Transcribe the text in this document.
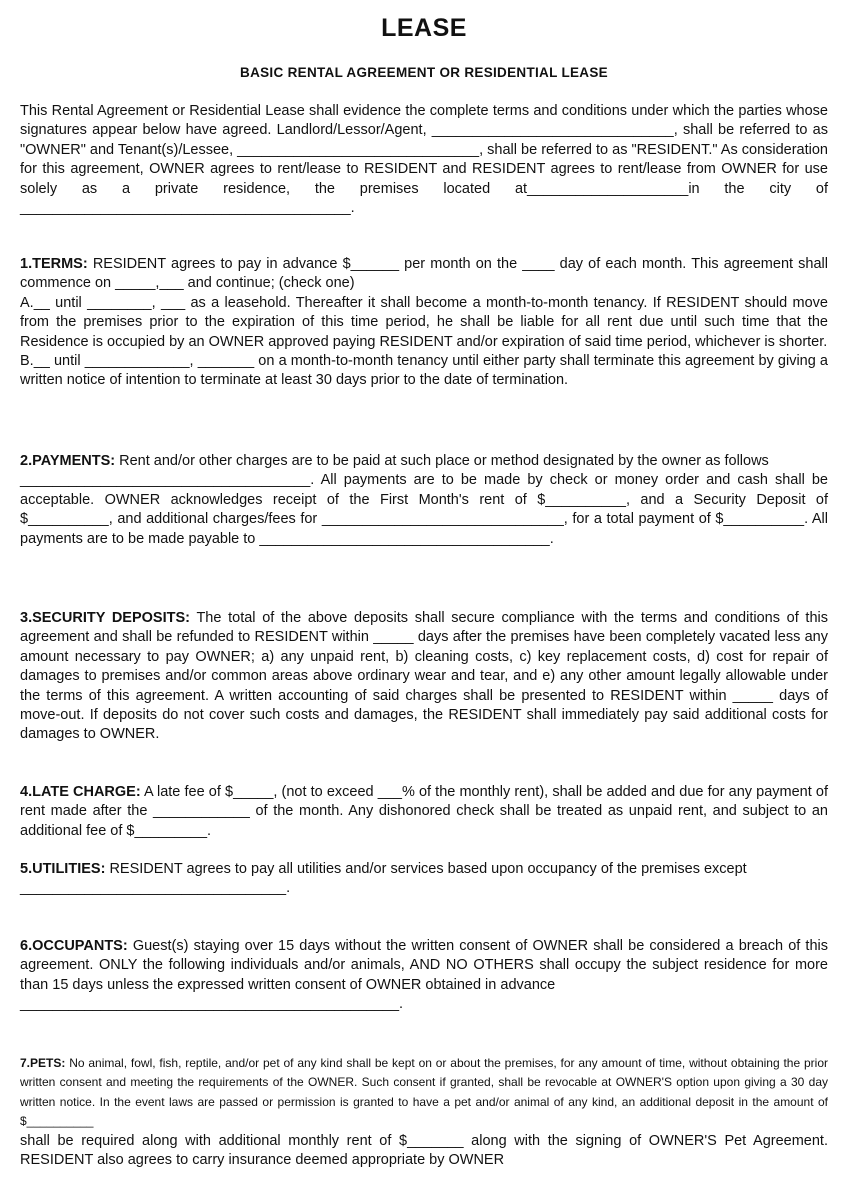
LEASE
BASIC RENTAL AGREEMENT OR RESIDENTIAL LEASE

This Rental Agreement or Residential Lease shall evidence the complete terms and conditions under which the parties whose signatures appear below have agreed. Landlord/Lessor/Agent, ______________________________, shall be referred to as "OWNER" and Tenant(s)/Lessee, ______________________________, shall be referred to as "RESIDENT." As consideration for this agreement, OWNER agrees to rent/lease to RESIDENT and RESIDENT agrees to rent/lease from OWNER for use solely as a private residence, the premises located at____________________in the city of _________________________________________.

1.TERMS: RESIDENT agrees to pay in advance $______ per month on the ____ day of each month. This agreement shall commence on _____,___ and continue; (check one)

A.__ until ________, ___ as a leasehold. Thereafter it shall become a month-to-month tenancy. If RESIDENT should move from the premises prior to the expiration of this time period, he shall be liable for all rent due until such time that the Residence is occupied by an OWNER approved paying RESIDENT and/or expiration of said time period, whichever is shorter.

B.__ until _____________, _______ on a month-to-month tenancy until either party shall terminate this agreement by giving a written notice of intention to terminate at least 30 days prior to the date of termination.

2.PAYMENTS: Rent and/or other charges are to be paid at such place or method designated by the owner as follows

____________________________________. All payments are to be made by check or money order and cash shall be acceptable. OWNER acknowledges receipt of the First Month's rent of $__________, and a Security Deposit of $__________, and additional charges/fees for ______________________________, for a total payment of $__________. All payments are to be made payable to ____________________________________.

3.SECURITY DEPOSITS: The total of the above deposits shall secure compliance with the terms and conditions of this agreement and shall be refunded to RESIDENT within _____ days after the premises have been completely vacated less any amount necessary to pay OWNER; a) any unpaid rent, b) cleaning costs, c) key replacement costs, d) cost for repair of damages to premises and/or common areas above ordinary wear and tear, and e) any other amount legally allowable under the terms of this agreement. A written accounting of said charges shall be presented to RESIDENT within _____ days of move-out. If deposits do not cover such costs and damages, the RESIDENT shall immediately pay said additional costs for damages to OWNER.

4.LATE CHARGE: A late fee of $_____, (not to exceed ___% of the monthly rent), shall be added and due for any payment of rent made after the ____________ of the month. Any dishonored check shall be treated as unpaid rent, and subject to an additional fee of $_________.

5.UTILITIES: RESIDENT agrees to pay all utilities and/or services based upon occupancy of the premises except

_________________________________.

6.OCCUPANTS: Guest(s) staying over 15 days without the written consent of OWNER shall be considered a breach of this agreement. ONLY the following individuals and/or animals, AND NO OTHERS shall occupy the subject residence for more than 15 days unless the expressed written consent of OWNER obtained in advance

_______________________________________________.

7.PETS: No animal, fowl, fish, reptile, and/or pet of any kind shall be kept on or about the premises, for any amount of time, without obtaining the prior written consent and meeting the requirements of the OWNER. Such consent if granted, shall be revocable at OWNER'S option upon giving a 30 day written notice. In the event laws are passed or permission is granted to have a pet and/or animal of any kind, an additional deposit in the amount of $__________

shall be required along with additional monthly rent of $_______ along with the signing of OWNER'S Pet Agreement. RESIDENT also agrees to carry insurance deemed appropriate by OWNER
